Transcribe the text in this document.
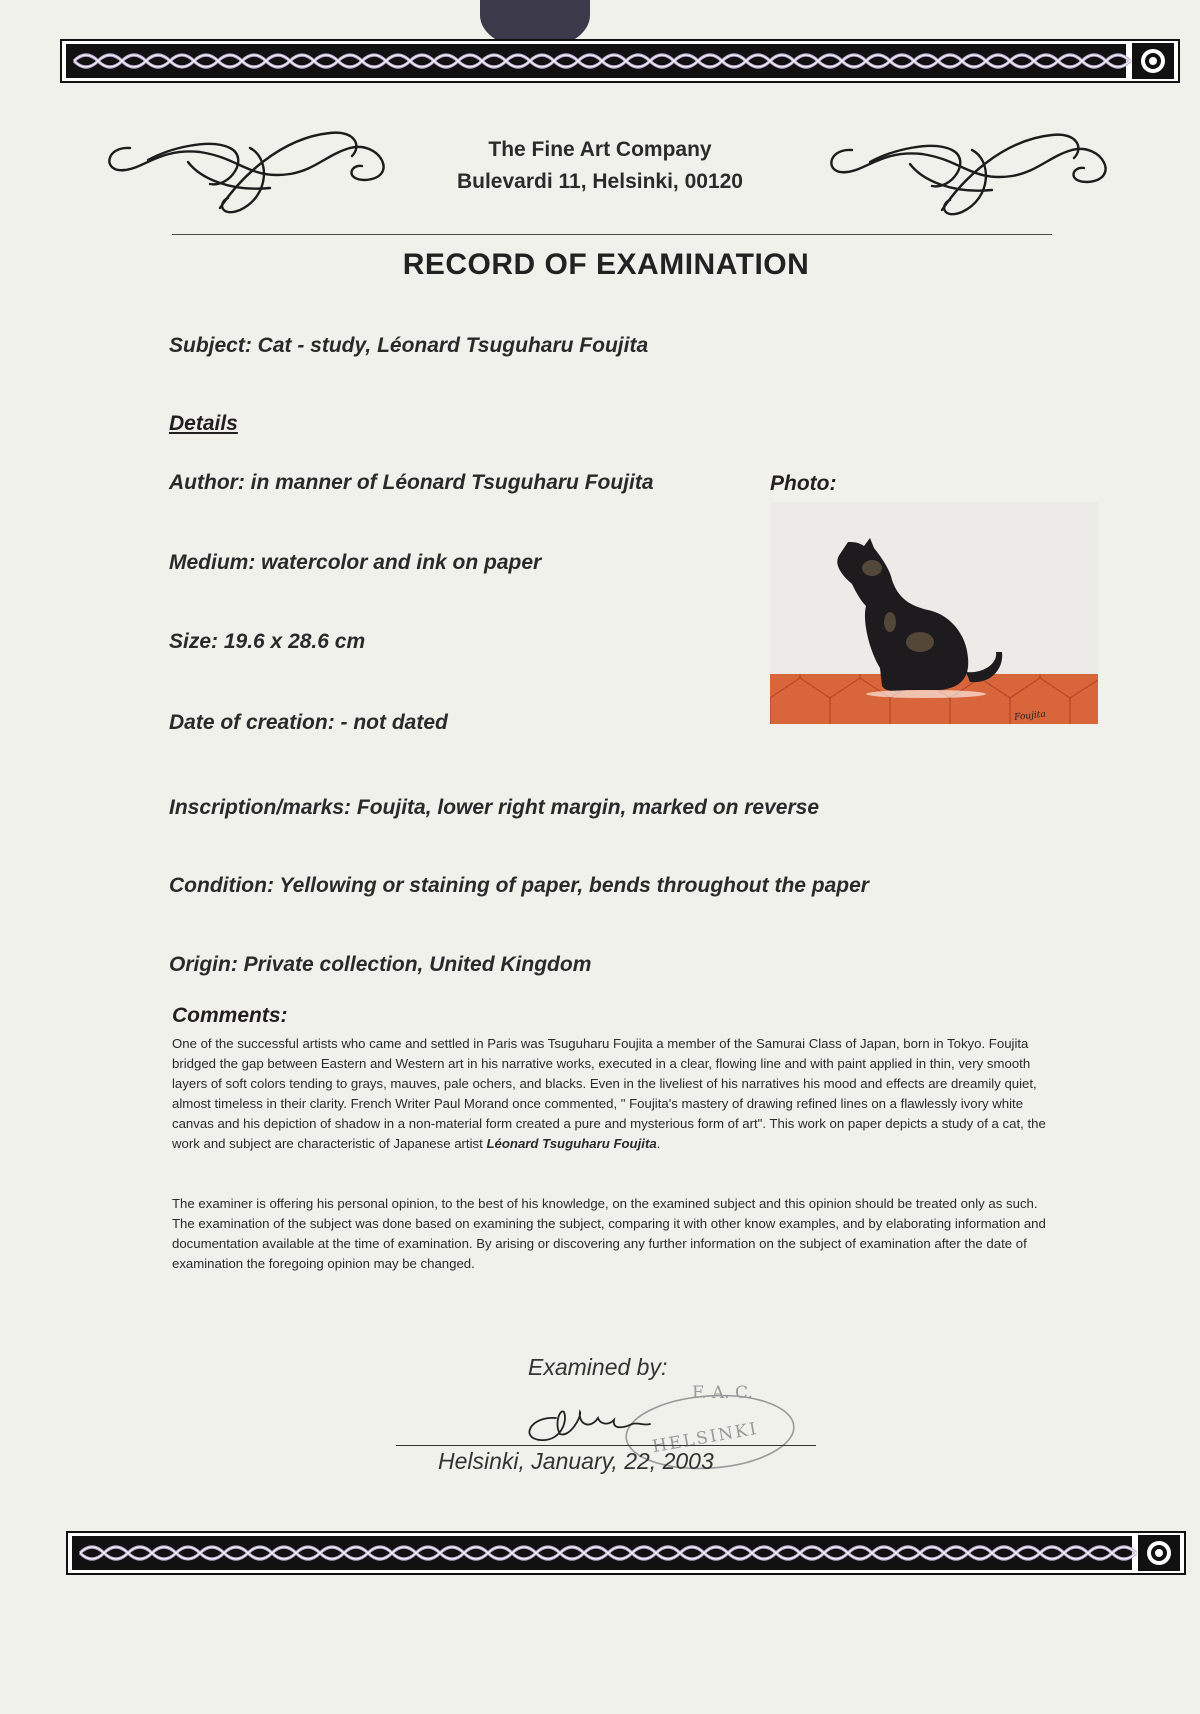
The Fine Art Company
Bulevardi 11, Helsinki, 00120
RECORD OF EXAMINATION
Subject: Cat - study, Léonard Tsuguharu Foujita
Details
Author: in manner of Léonard Tsuguharu Foujita	Photo:
Medium: watercolor and ink on paper
Size: 19.6 x 28.6 cm
Date of creation: - not dated
Inscription/marks: Foujita, lower right margin, marked on reverse
Condition: Yellowing or staining of paper, bends throughout the paper
Origin: Private collection, United Kingdom
Foujita
Comments:
One of the successful artists who came and settled in Paris was Tsuguharu Foujita a member of the Samurai Class of Japan, born in Tokyo. Foujita bridged the gap between Eastern and Western art in his narrative works, executed in a clear, flowing line and with paint applied in thin, very smooth layers of soft colors tending to grays, mauves, pale ochers, and blacks. Even in the liveliest of his narratives his mood and effects are dreamily quiet, almost timeless in their clarity. French Writer Paul Morand once commented, " Foujita's mastery of drawing refined lines on a flawlessly ivory white canvas and his depiction of shadow in a non-material form created a pure and mysterious form of art". This work on paper depicts a study of a cat, the work and subject are characteristic of Japanese artist Léonard Tsuguharu Foujita.
The examiner is offering his personal opinion, to the best of his knowledge, on the examined subject and this opinion should be treated only as such. The examination of the subject was done based on examining the subject, comparing it with other know examples, and by elaborating information and documentation available at the time of examination. By arising or discovering any further information on the subject of examination after the date of examination the foregoing opinion may be changed.
Examined by:
F. A. C.
HELSINKI
Helsinki, January, 22, 2003
